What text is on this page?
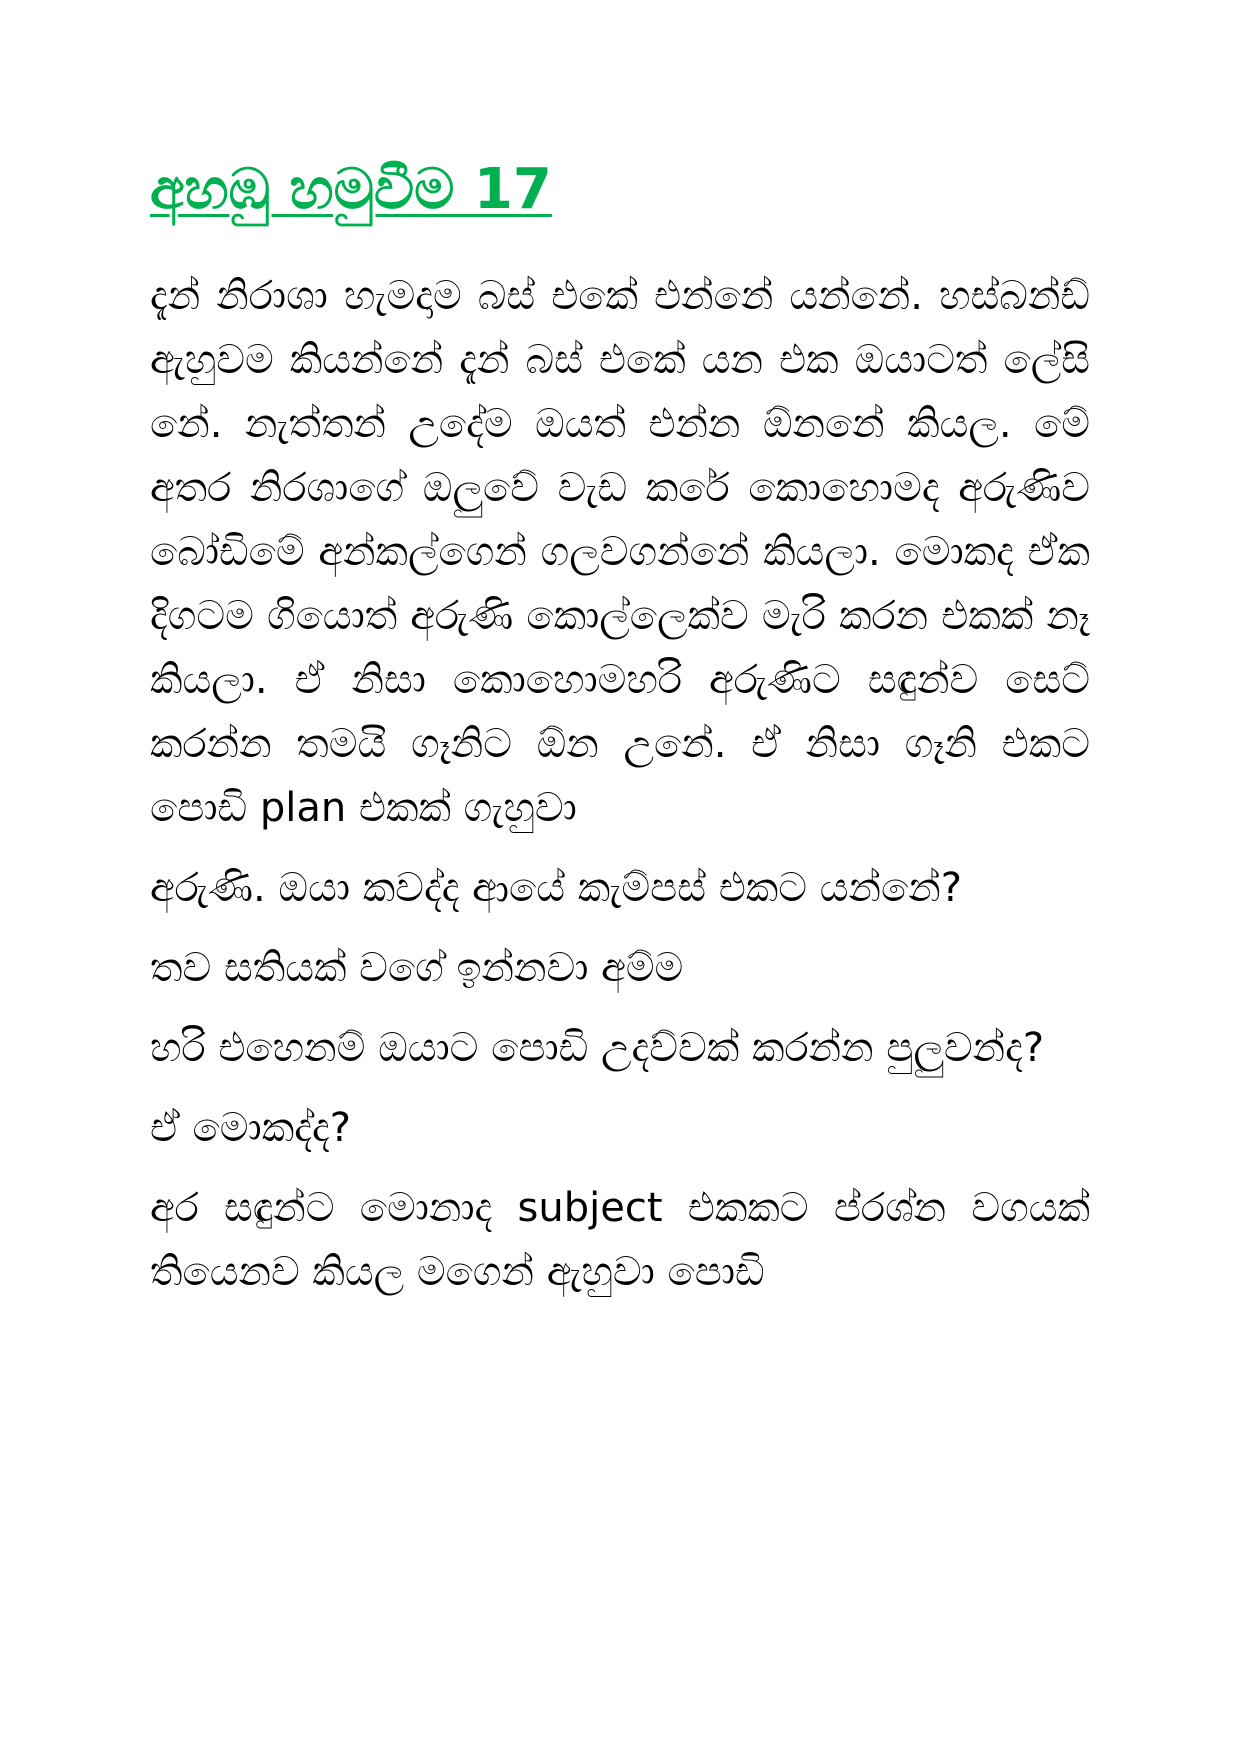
අහඹු හමුවීම 17

දැන් නිරාශා හැමදාම බස් එකේ එන්නේ යන්නේ. හස්බන්ඩ් ඇහුවම කියන්නේ දැන් බස් එකේ යන එක ඔයාටත් ලේසි නේ. නැත්තන් උදේම ඔයත් එන්න ඕනනේ කියල. මේ අතර නිරශාගේ ඔලුවේ වැඩ කරේ කොහොමද අරුණිව බෝඩිමේ අන්කල්ගෙන් ගලවගන්නේ කියලා. මොකද ඒක දිගටම ගියොත් අරුණි කොල්ලෙක්ව මැරි කරන එකක් නෑ කියලා. ඒ නිසා කොහොමහරි අරුණිට සඳුන්ව සෙට් කරන්න තමයි ගෑනිට ඕන උනේ. ඒ නිසා ගෑනි එකට පොඩි plan එකක් ගැහුවා

අරුණි. ඔයා කවද්ද ආයේ කැම්පස් එකට යන්නේ?

තව සතියක් වගේ ඉන්නවා අම්ම

හරි එහෙනම් ඔයාට පොඩි උදව්වක් කරන්න පුලුවන්ද?

ඒ මොකද්ද?

අර සඳුන්ට මොනාද subject එකකට ප්රශ්න වගයක් තියෙනව කියල මගෙන් ඇහුවා පොඩි
